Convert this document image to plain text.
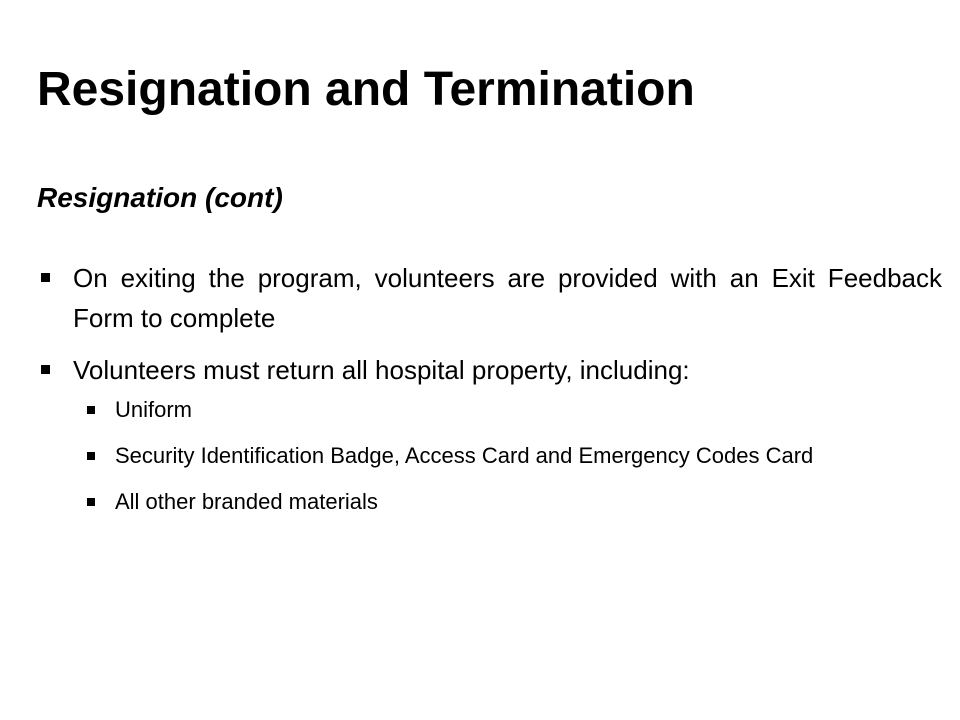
Resignation and Termination
Resignation (cont)
On exiting the program, volunteers are provided with an Exit Feedback Form to complete
Volunteers must return all hospital property, including:
Uniform
Security Identification Badge, Access Card and Emergency Codes Card
All other branded materials
